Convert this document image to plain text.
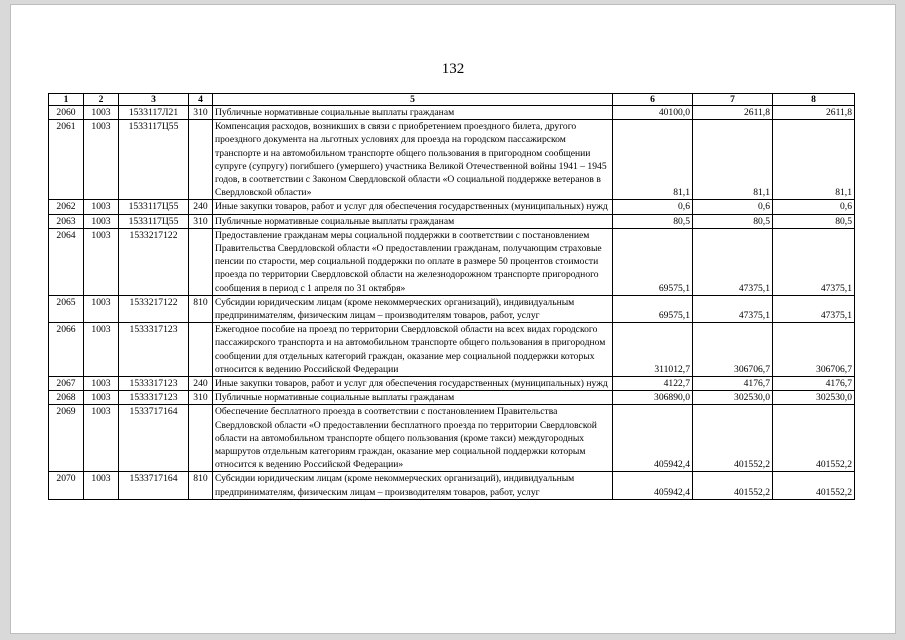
132
1	2	3	4	5	6	7	8
2060	1003	1533117Л21	310	Публичные нормативные социальные выплаты гражданам	40100,0	2611,8	2611,8
2061	1003	1533117Ц55		Компенсация расходов, возникших в связи с приобретением проездного билета, другого проездного документа на льготных условиях для проезда на городском пассажирском транспорте и на автомобильном транспорте общего пользования в пригородном сообщении супруге (супругу) погибшего (умершего) участника Великой Отечественной войны 1941 – 1945 годов, в соответствии с Законом Свердловской области «О социальной поддержке ветеранов в Свердловской области»	81,1	81,1	81,1
2062	1003	1533117Ц55	240	Иные закупки товаров, работ и услуг для обеспечения государственных (муниципальных) нужд	0,6	0,6	0,6
2063	1003	1533117Ц55	310	Публичные нормативные социальные выплаты гражданам	80,5	80,5	80,5
2064	1003	1533217122		Предоставление гражданам меры социальной поддержки в соответствии с постановлением Правительства Свердловской области «О предоставлении гражданам, получающим страховые пенсии по старости, мер социальной поддержки по оплате в размере 50 процентов стоимости проезда по территории Свердловской области на железнодорожном транспорте пригородного сообщения в период с 1 апреля по 31 октября»	69575,1	47375,1	47375,1
2065	1003	1533217122	810	Субсидии юридическим лицам (кроме некоммерческих организаций), индивидуальным предпринимателям, физическим лицам – производителям товаров, работ, услуг	69575,1	47375,1	47375,1
2066	1003	1533317123		Ежегодное пособие на проезд по территории Свердловской области на всех видах городского пассажирского транспорта и на автомобильном транспорте общего пользования в пригородном сообщении для отдельных категорий граждан, оказание мер социальной поддержки которых относится к ведению Российской Федерации	311012,7	306706,7	306706,7
2067	1003	1533317123	240	Иные закупки товаров, работ и услуг для обеспечения государственных (муниципальных) нужд	4122,7	4176,7	4176,7
2068	1003	1533317123	310	Публичные нормативные социальные выплаты гражданам	306890,0	302530,0	302530,0
2069	1003	1533717164		Обеспечение бесплатного проезда в соответствии с постановлением Правительства Свердловской области «О предоставлении бесплатного проезда по территории Свердловской области на автомобильном транспорте общего пользования (кроме такси) междугородных маршрутов отдельным категориям граждан, оказание мер социальной поддержки которым относится к ведению Российской Федерации»	405942,4	401552,2	401552,2
2070	1003	1533717164	810	Субсидии юридическим лицам (кроме некоммерческих организаций), индивидуальным предпринимателям, физическим лицам – производителям товаров, работ, услуг	405942,4	401552,2	401552,2
